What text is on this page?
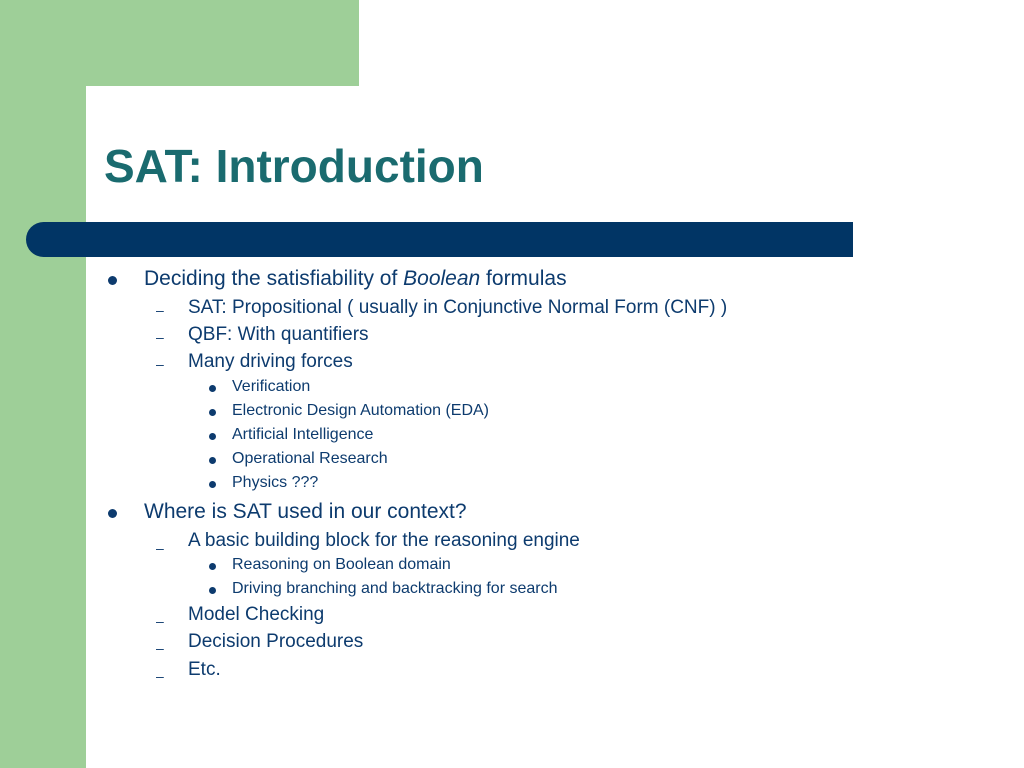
SAT: Introduction
Deciding the satisfiability of Boolean formulas
– SAT: Propositional ( usually in Conjunctive Normal Form (CNF) )
– QBF: With quantifiers
– Many driving forces
Verification
Electronic Design Automation (EDA)
Artificial Intelligence
Operational Research
Physics ???
Where is SAT used in our context?
– A basic building block for the reasoning engine
Reasoning on Boolean domain
Driving branching and backtracking for search
– Model Checking
– Decision Procedures
– Etc.
